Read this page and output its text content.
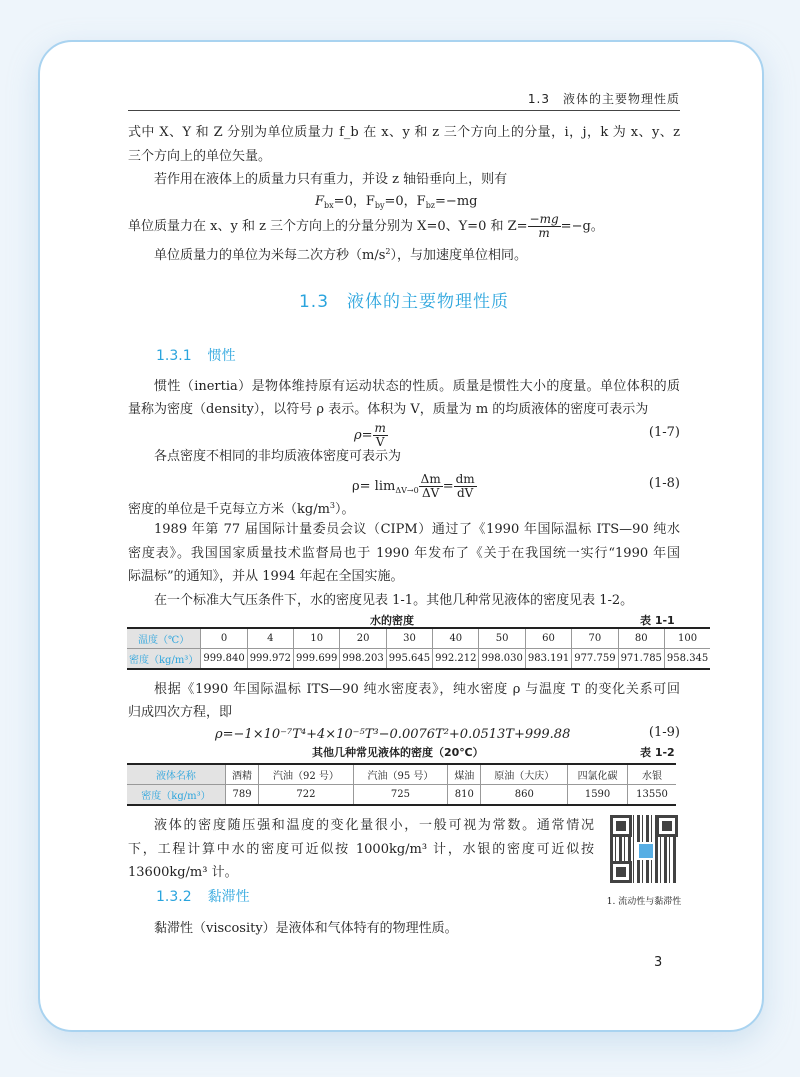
1.3　液体的主要物理性质
式中 X、Y 和 Z 分别为单位质量力 f_b 在 x、y 和 z 三个方向上的分量，i，j，k 为 x、y、z
三个方向上的单位矢量。
若作用在液体上的质量力只有重力，并设 z 轴铅垂向上，则有
$F_{bx}=0$，$F_{by}=0$，$F_{bz}=-mg$
单位质量力在 x、y 和 z 三个方向上的分量分别为 X=0、Y=0 和 $Z= \frac{-mg}{m} =-g$。
单位质量力的单位为米每二次方秒$(m/s^2)$，与加速度单位相同。
1.3　液体的主要物理性质
1.3.1 惯性
惯性（inertia）是物体维持原有运动状态的性质。质量是惯性大小的度量。单位体积的质
量称为密度（density），以符号 ρ 表示。体积为 V，质量为 m 的均质液体的密度可表示为
$\rho= \frac{m}{V}$	(1-7)
各点密度不相同的非均质液体密度可表示为
$\rho= \lim_{\Delta V\to 0} \frac{\Delta m}{\Delta V} = \frac{dm}{dV}$	(1-8)
密度的单位是千克每立方米$(kg/m^3)$。
1989 年第 77 届国际计量委员会议（CIPM）通过了《1990 年国际温标 ITS—90 纯水
密度表》。我国国家质量技术监督局也于 1990 年发布了《关于在我国统一实行“1990 年国
际温标”的通知》，并从 1994 年起在全国实施。
在一个标准大气压条件下，水的密度见表 1-1。其他几种常见液体的密度见表 1-2。
水的密度	表 1-1
温度（℃）	0	4	10	20	30	40	50	60	70	80	100
密度（kg/m³）	999.840	999.972	999.699	998.203	995.645	992.212	998.030	983.191	977.759	971.785	958.345
根据《1990 年国际温标 ITS—90 纯水密度表》，纯水密度 ρ 与温度 T 的变化关系可回
归成四次方程，即
ρ=−1×10⁻⁷T⁴+4×10⁻⁵T³−0.0076T²+0.0513T+999.88	(1-9)
其他几种常见液体的密度（20℃）	表 1-2
液体名称	酒精	汽油（92 号）	汽油（95 号）	煤油	原油（大庆）	四氯化碳	水银
密度（kg/m³）	789	722	725	810	860	1590	13550
液体的密度随压强和温度的变化量很小，一般可视为常数。通常情况
下，工程计算中水的密度可近似按 1000kg/m³ 计，水银的密度可近似按
13600kg/m³ 计。
1. 流动性与黏滞性
1.3.2 黏滞性
黏滞性（viscosity）是液体和气体特有的物理性质。
3
